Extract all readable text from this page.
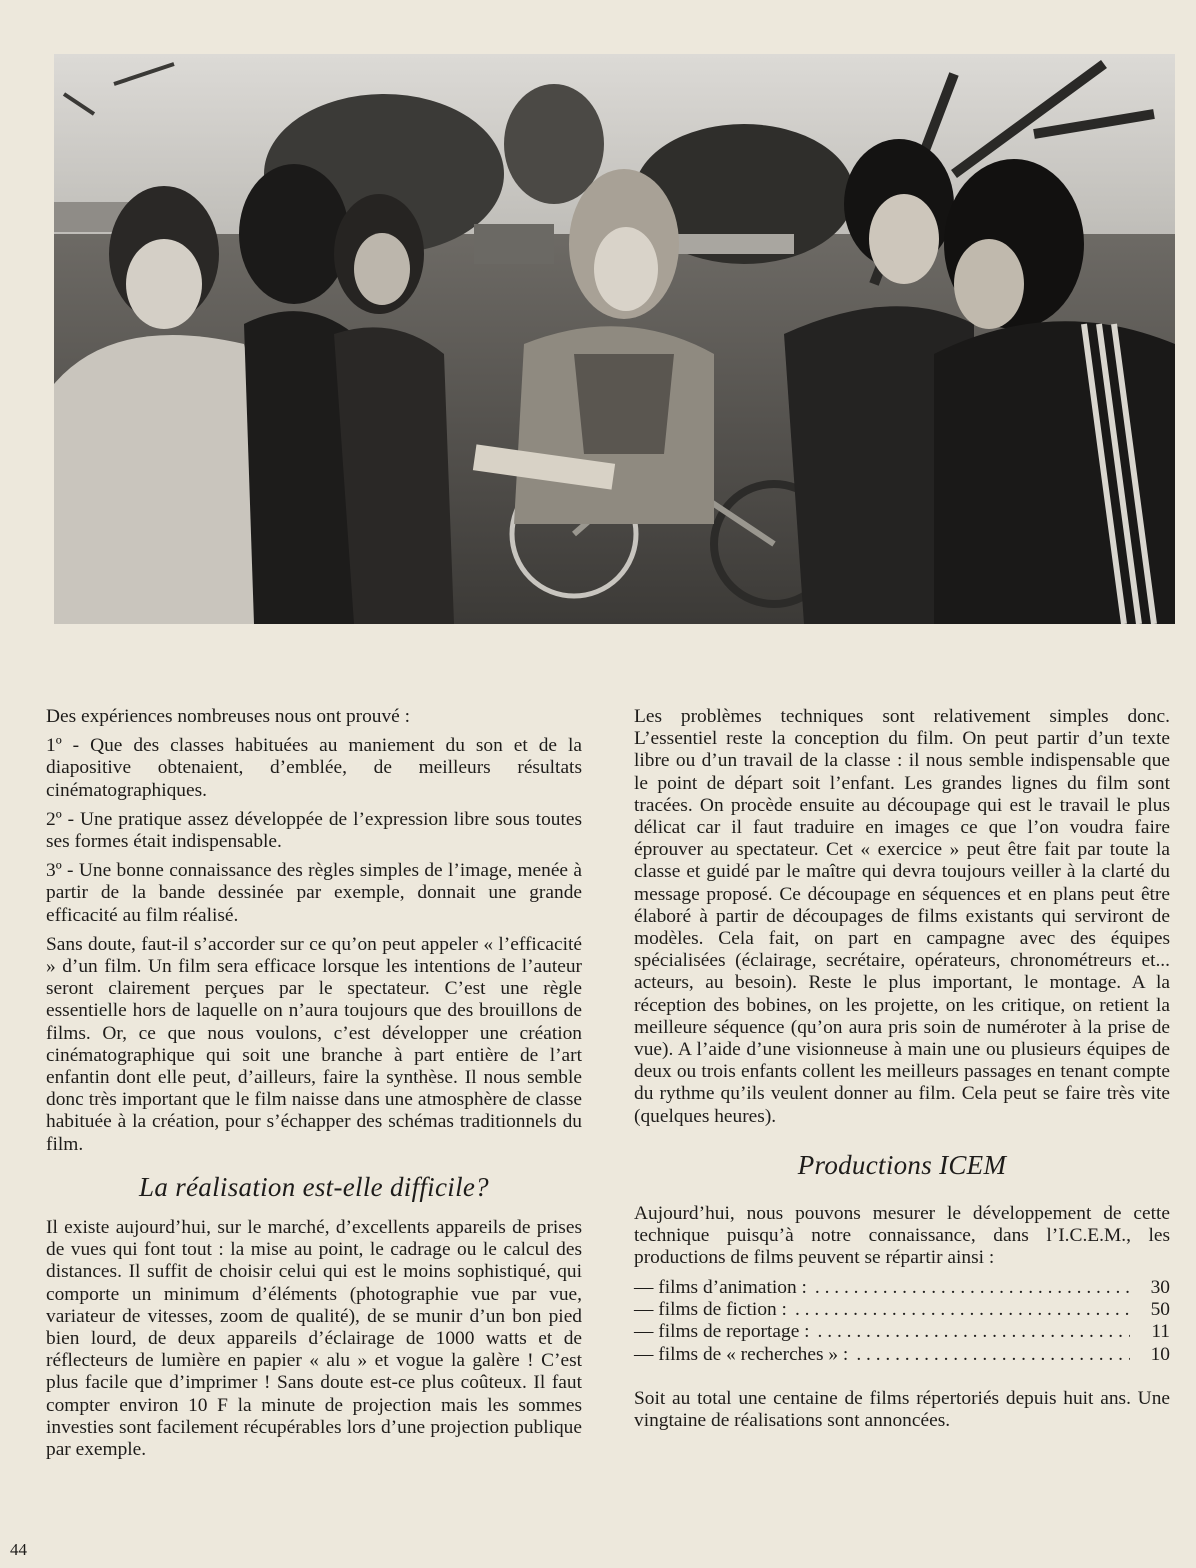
Des expériences nombreuses nous ont prouvé :

1º - Que des classes habituées au maniement du son et de la diapositive obtenaient, d’emblée, de meilleurs résultats cinématographiques.

2º - Une pratique assez développée de l’expression libre sous toutes ses formes était indispensable.

3º - Une bonne connaissance des règles simples de l’image, menée à partir de la bande dessinée par exemple, donnait une grande efficacité au film réalisé.

Sans doute, faut-il s’accorder sur ce qu’on peut appeler « l’efficacité » d’un film. Un film sera efficace lorsque les intentions de l’auteur seront clairement perçues par le spectateur. C’est une règle essentielle hors de laquelle on n’aura toujours que des brouillons de films. Or, ce que nous voulons, c’est développer une création cinématographique qui soit une branche à part entière de l’art enfantin dont elle peut, d’ailleurs, faire la synthèse. Il nous semble donc très important que le film naisse dans une atmosphère de classe habituée à la création, pour s’échapper des schémas traditionnels du film.

La réalisation est-elle difficile?

Il existe aujourd’hui, sur le marché, d’excellents appareils de prises de vues qui font tout : la mise au point, le cadrage ou le calcul des distances. Il suffit de choisir celui qui est le moins sophistiqué, qui comporte un minimum d’éléments (photographie vue par vue, variateur de vitesses, zoom de qualité), de se munir d’un bon pied bien lourd, de deux appareils d’éclairage de 1000 watts et de réflecteurs de lumière en papier « alu » et vogue la galère ! C’est plus facile que d’imprimer ! Sans doute est-ce plus coûteux. Il faut compter environ 10 F la minute de projection mais les sommes investies sont facilement récupérables lors d’une projection publique par exemple.

Les problèmes techniques sont relativement simples donc. L’essentiel reste la conception du film. On peut partir d’un texte libre ou d’un travail de la classe : il nous semble indispensable que le point de départ soit l’enfant. Les grandes lignes du film sont tracées. On procède ensuite au découpage qui est le travail le plus délicat car il faut traduire en images ce que l’on voudra faire éprouver au spectateur. Cet « exercice » peut être fait par toute la classe et guidé par le maître qui devra toujours veiller à la clarté du message proposé. Ce découpage en séquences et en plans peut être élaboré à partir de découpages de films existants qui serviront de modèles. Cela fait, on part en campagne avec des équipes spécialisées (éclairage, secrétaire, opérateurs, chronométreurs et... acteurs, au besoin). Reste le plus important, le montage. A la réception des bobines, on les projette, on les critique, on retient la meilleure séquence (qu’on aura pris soin de numéroter à la prise de vue). A l’aide d’une visionneuse à main une ou plusieurs équipes de deux ou trois enfants collent les meilleurs passages en tenant compte du rythme qu’ils veulent donner au film. Cela peut se faire très vite (quelques heures).

Productions ICEM

Aujourd’hui, nous pouvons mesurer le développement de cette technique puisqu’à notre connaissance, dans l’I.C.E.M., les productions de films peuvent se répartir ainsi :

— films d’animation : . . .	30
— films de fiction : . . .	50
— films de reportage : . . .	11
— films de « recherches » : . . .	10

Soit au total une centaine de films répertoriés depuis huit ans. Une vingtaine de réalisations sont annoncées.

44
